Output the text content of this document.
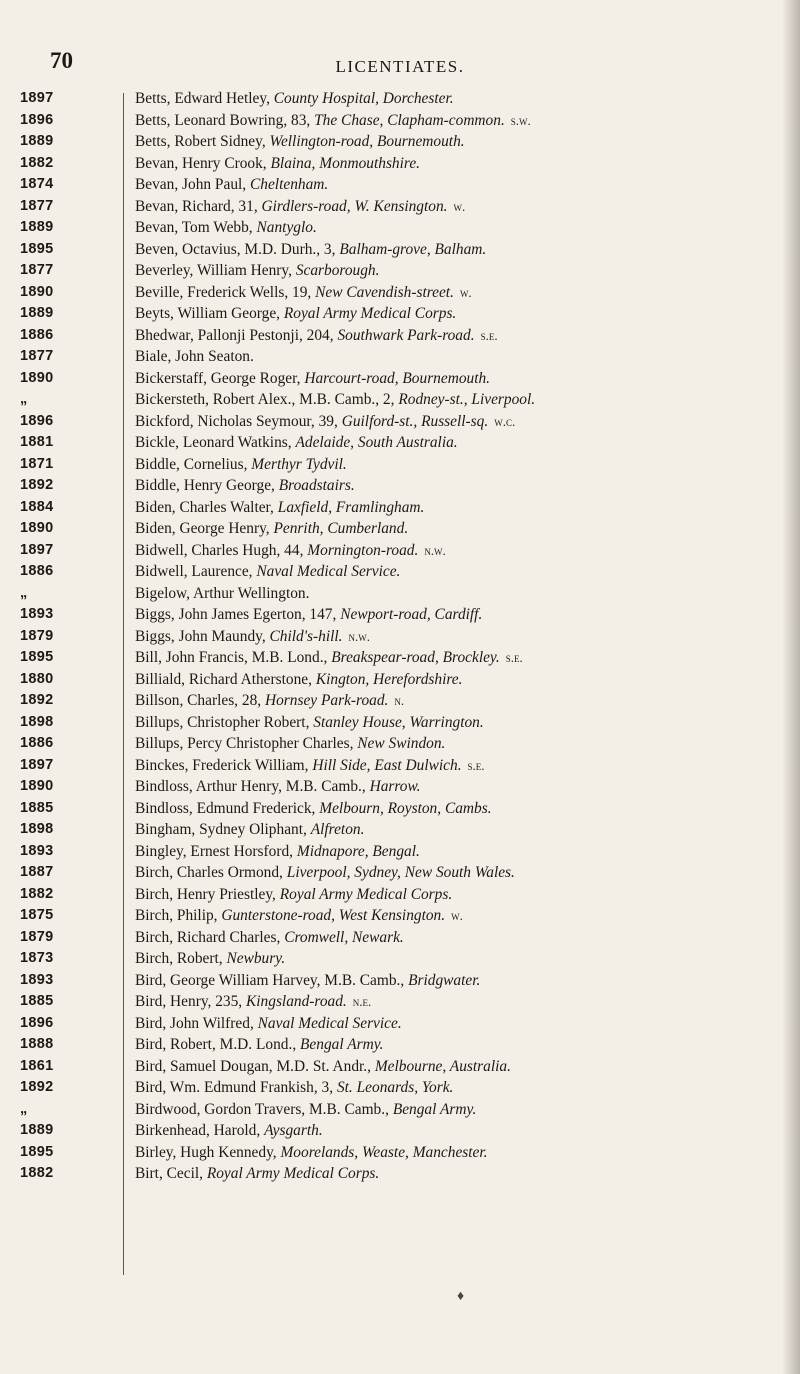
70	LICENTIATES.
1897	Betts, Edward Hetley, County Hospital, Dorchester.
1896	Betts, Leonard Bowring, 83, The Chase, Clapham-common. s.w.
1889	Betts, Robert Sidney, Wellington-road, Bournemouth.
1882	Bevan, Henry Crook, Blaina, Monmouthshire.
1874	Bevan, John Paul, Cheltenham.
1877	Bevan, Richard, 31, Girdlers-road, W. Kensington. w.
1889	Bevan, Tom Webb, Nantyglo.
1895	Beven, Octavius, M.D. Durh., 3, Balham-grove, Balham.
1877	Beverley, William Henry, Scarborough.
1890	Beville, Frederick Wells, 19, New Cavendish-street. w.
1889	Beyts, William George, Royal Army Medical Corps.
1886	Bhedwar, Pallonji Pestonji, 204, Southwark Park-road. s.e.
1877	Biale, John Seaton.
1890	Bickerstaff, George Roger, Harcourt-road, Bournemouth.
„	Bickersteth, Robert Alex., M.B. Camb., 2, Rodney-st., Liverpool.
1896	Bickford, Nicholas Seymour, 39, Guilford-st., Russell-sq. w.c.
1881	Bickle, Leonard Watkins, Adelaide, South Australia.
1871	Biddle, Cornelius, Merthyr Tydvil.
1892	Biddle, Henry George, Broadstairs.
1884	Biden, Charles Walter, Laxfield, Framlingham.
1890	Biden, George Henry, Penrith, Cumberland.
1897	Bidwell, Charles Hugh, 44, Mornington-road. n.w.
1886	Bidwell, Laurence, Naval Medical Service.
„	Bigelow, Arthur Wellington.
1893	Biggs, John James Egerton, 147, Newport-road, Cardiff.
1879	Biggs, John Maundy, Child's-hill. n.w.
1895	Bill, John Francis, M.B. Lond., Breakspear-road, Brockley. s.e.
1880	Billiald, Richard Atherstone, Kington, Herefordshire.
1892	Billson, Charles, 28, Hornsey Park-road. n.
1898	Billups, Christopher Robert, Stanley House, Warrington.
1886	Billups, Percy Christopher Charles, New Swindon.
1897	Binckes, Frederick William, Hill Side, East Dulwich. s.e.
1890	Bindloss, Arthur Henry, M.B. Camb., Harrow.
1885	Bindloss, Edmund Frederick, Melbourn, Royston, Cambs.
1898	Bingham, Sydney Oliphant, Alfreton.
1893	Bingley, Ernest Horsford, Midnapore, Bengal.
1887	Birch, Charles Ormond, Liverpool, Sydney, New South Wales.
1882	Birch, Henry Priestley, Royal Army Medical Corps.
1875	Birch, Philip, Gunterstone-road, West Kensington. w.
1879	Birch, Richard Charles, Cromwell, Newark.
1873	Birch, Robert, Newbury.
1893	Bird, George William Harvey, M.B. Camb., Bridgwater.
1885	Bird, Henry, 235, Kingsland-road. n.e.
1896	Bird, John Wilfred, Naval Medical Service.
1888	Bird, Robert, M.D. Lond., Bengal Army.
1861	Bird, Samuel Dougan, M.D. St. Andr., Melbourne, Australia.
1892	Bird, Wm. Edmund Frankish, 3, St. Leonards, York.
„	Birdwood, Gordon Travers, M.B. Camb., Bengal Army.
1889	Birkenhead, Harold, Aysgarth.
1895	Birley, Hugh Kennedy, Moorelands, Weaste, Manchester.
1882	Birt, Cecil, Royal Army Medical Corps.
♦
